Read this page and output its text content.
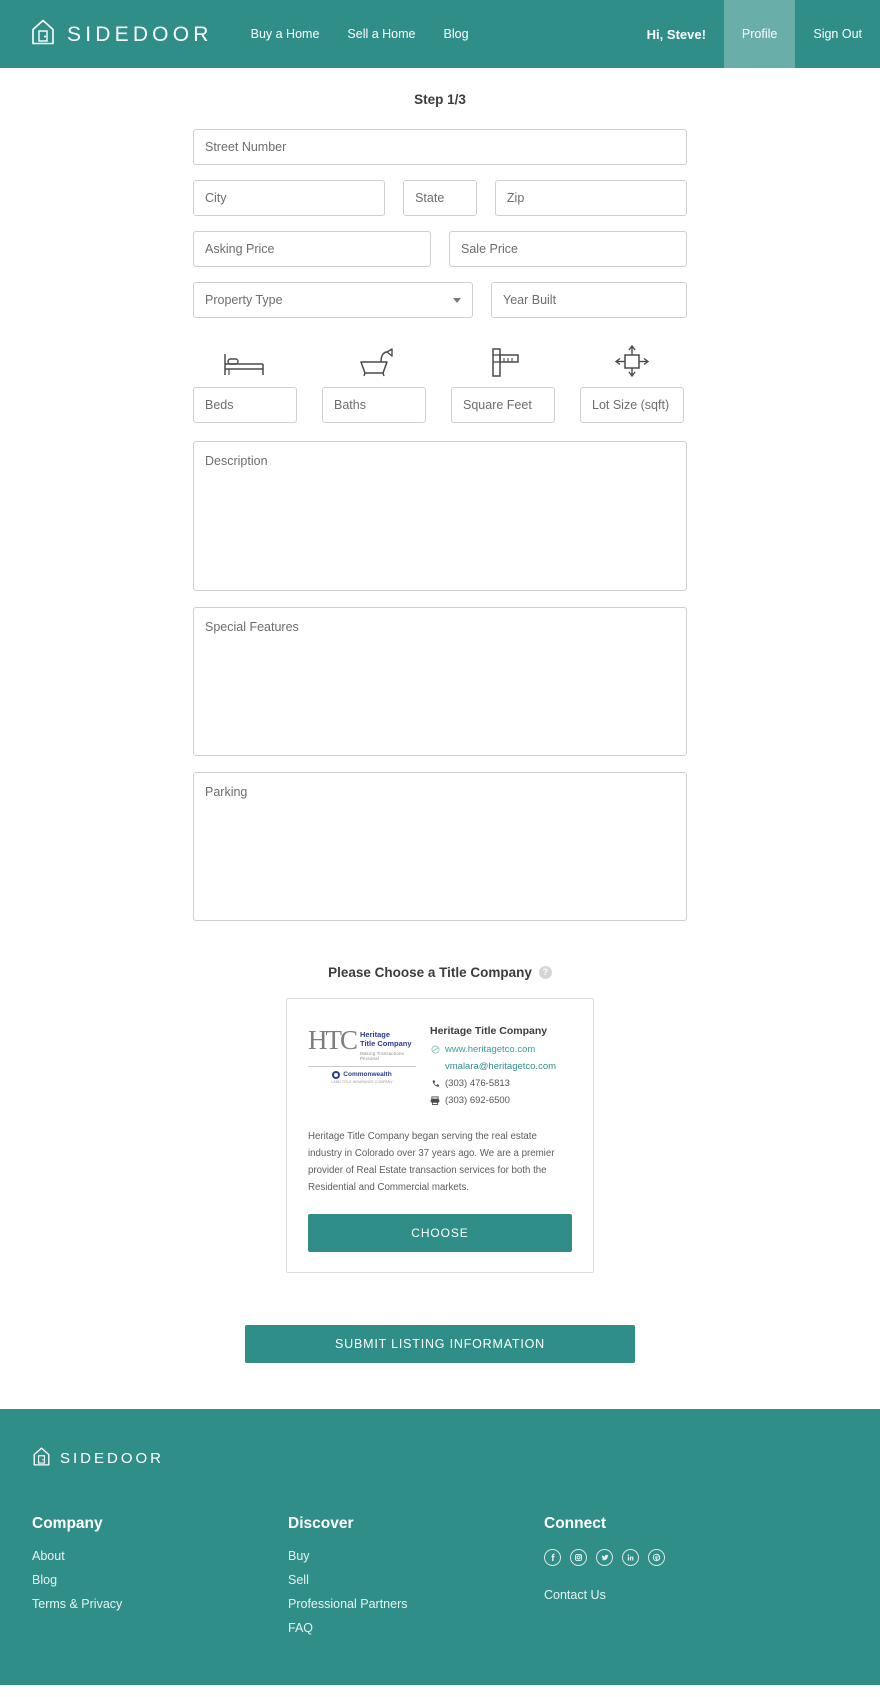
SIDEDOOR	Buy a Home	Sell a Home	Blog	Hi, Steve!	Profile	Sign Out
Step 1/3
Street Number
City	State	Zip
Asking Price	Sale Price
Property Type	Year Built
Beds	Baths	Square Feet	Lot Size (sqft)
Description
Special Features
Parking
Please Choose a Title Company	?
HTC Heritage
Title Company
Making Transactions Personal
Commonwealth
LAND TITLE INSURANCE COMPANY
Heritage Title Company
www.heritagetco.com
vmalara@heritagetco.com
(303) 476-5813
(303) 692-6500
Heritage Title Company began serving the real estate industry in Colorado over 37 years ago. We are a premier provider of Real Estate transaction services for both the Residential and Commercial markets.
CHOOSE
SUBMIT LISTING INFORMATION
SIDEDOOR
Company
About
Blog
Terms & Privacy
Discover
Buy
Sell
Professional Partners
FAQ
Connect
Contact Us
